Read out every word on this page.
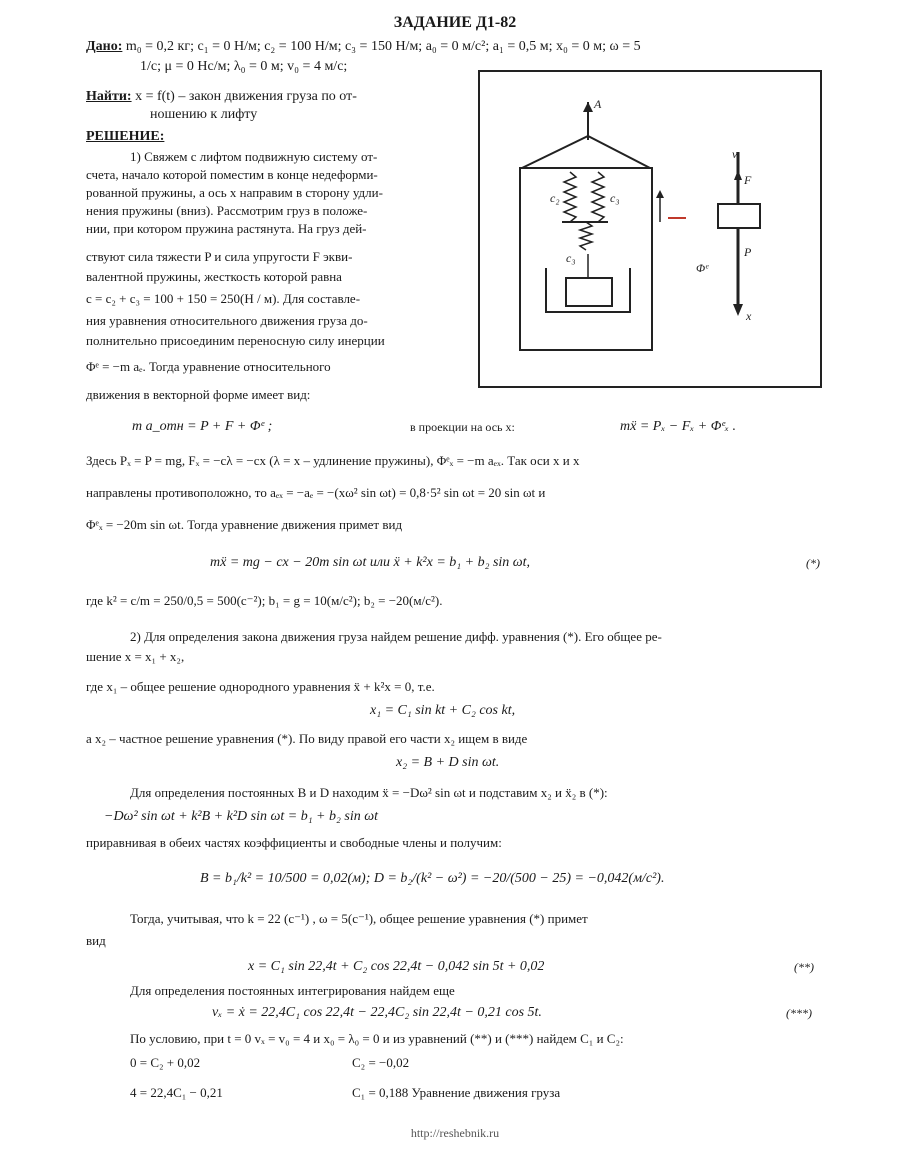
ЗАДАНИЕ Д1-82
Дано: m₀ = 0,2 кг; c₁ = 0 Н/м; c₂ = 100 Н/м; c₃ = 150 Н/м; a₀ = 0 м/с²; a₁ = 0,5 м; x₀ = 0 м; ω = 5
1/с; μ = 0 Нс/м; λ₀ = 0 м; v₀ = 4 м/с;
Найти: x = f(t) – закон движения груза по от-
ношению к лифту
РЕШЕНИЕ:
1) Свяжем с лифтом подвижную систему от-
счета, начало которой поместим в конце недеформи-
рованной пружины, а ось x направим в сторону удли-
нения пружины (вниз). Рассмотрим груз в положе-
нии, при котором пружина растянута. На груз дей-
ствуют сила тяжести P и сила упругости F экви-
валентной пружины, жесткость которой равна
c = c₂ + c₃ = 100 + 150 = 250(Н / м). Для составле-
ния уравнения относительного движения груза до-
полнительно присоединим переносную силу инерции
Φᵉ = −m aₑ. Тогда уравнение относительного
движения в векторной форме имеет вид:
A
c₂	c₃
c₃
x
F
v
P
Φᵉ
m a_отн = P + F + Φᵉ ;	в проекции на ось x:	mẍ = Pₓ − Fₓ + Φᵉₓ .
Здесь Pₓ = P = mg, Fₓ = −cλ = −cx (λ = x – удлинение пружины), Φᵉₓ = −m aₑₓ. Так оси x и x
направлены противоположно, то aₑₓ = −aₑ = −(xω² sin ωt) = 0,8·5² sin ωt = 20 sin ωt и
Φᵉₓ = −20m sin ωt. Тогда уравнение движения примет вид
mẍ = mg − cx − 20m sin ωt или ẍ + k²x = b₁ + b₂ sin ωt,	(*)
где k² = c/m = 250/0,5 = 500(с⁻²); b₁ = g = 10(м/с²); b₂ = −20(м/с²).
2) Для определения закона движения груза найдем решение дифф. уравнения (*). Его общее ре-
шение x = x₁ + x₂,
где x₁ – общее решение однородного уравнения ẍ + k²x = 0, т.е.
x₁ = C₁ sin kt + C₂ cos kt,
а x₂ – частное решение уравнения (*). По виду правой его части x₂ ищем в виде
x₂ = B + D sin ωt.
Для определения постоянных B и D находим ẍ = −Dω² sin ωt и подставим x₂ и ẍ₂ в (*):
−Dω² sin ωt + k²B + k²D sin ωt = b₁ + b₂ sin ωt
приравнивая в обеих частях коэффициенты и свободные члены и получим:
B = b₁/k² = 10/500 = 0,02(м); D = b₂/(k² − ω²) = −20/(500 − 25) = −0,042(м/с²).
Тогда, учитывая, что k = 22 (с⁻¹) , ω = 5(с⁻¹), общее решение уравнения (*) примет
вид
x = C₁ sin 22,4t + C₂ cos 22,4t − 0,042 sin 5t + 0,02	(**)
Для определения постоянных интегрирования найдем еще
vₓ = ẋ = 22,4C₁ cos 22,4t − 22,4C₂ sin 22,4t − 0,21 cos 5t.	(***)
По условию, при t = 0 vₓ = v₀ = 4 и x₀ = λ₀ = 0 и из уравнений (**) и (***) найдем C₁ и C₂:
0 = C₂ + 0,02	C₂ = −0,02
4 = 22,4C₁ − 0,21	C₁ = 0,188 Уравнение движения груза
http://reshebnik.ru
